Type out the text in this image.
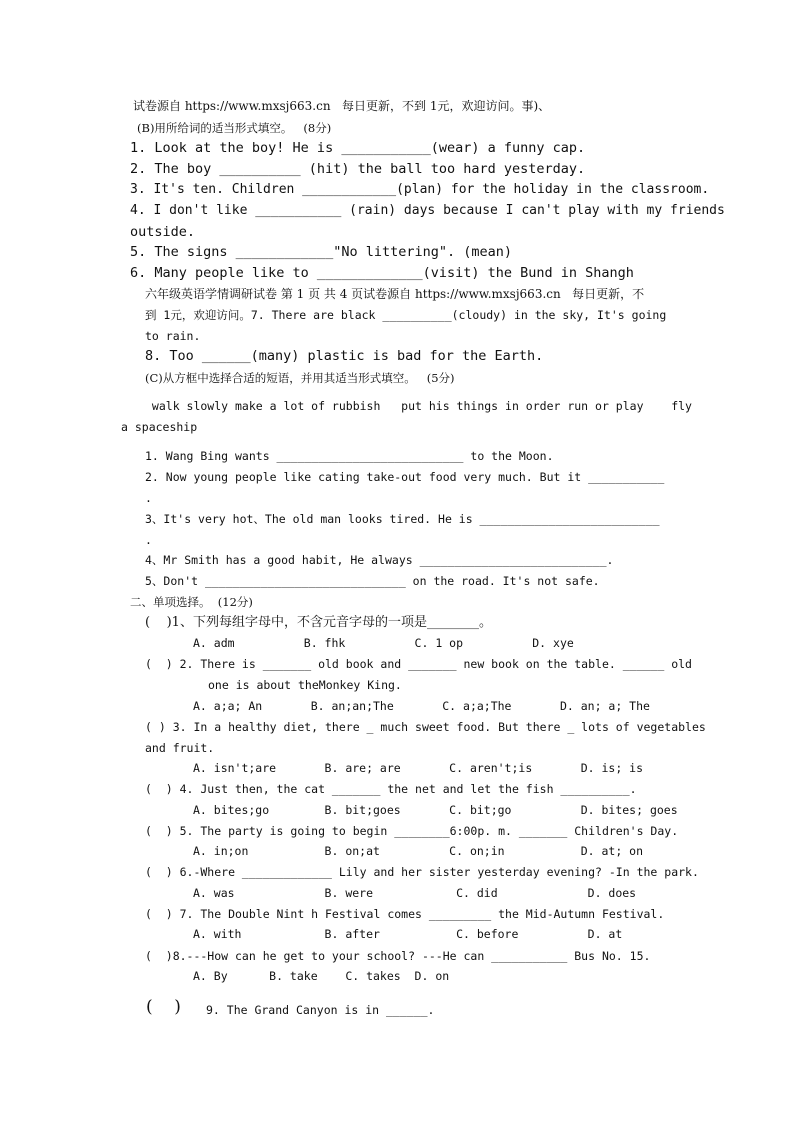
试卷源自 https://www.mxsj663.cn   每日更新，不到 1元，欢迎访问。事)、
(B)用所给词的适当形式填空。   (8分)
1. Look at the boy! He is ___________(wear) a funny cap.
2. The boy __________ (hit) the ball too hard yesterday.
3. It's ten. Children ____________(plan) for the holiday in the classroom.
4. I don't like ___________ (rain) days because I can't play with my friends
outside.
5. The signs ____________"No littering". (mean)
6. Many people like to _____________(visit) the Bund in Shangh
六年级英语学情调研试卷 第 1 页 共 4 页试卷源自 https://www.mxsj663.cn   每日更新，不
到 1元，欢迎访问。7. There are black __________(cloudy) in the sky, It's going
to rain.
8. Too ______(many) plastic is bad for the Earth.
(C)从方框中选择合适的短语，并用其适当形式填空。   (5分)
walk slowly make a lot of rubbish   put his things in order run or play    fly
a spaceship
1. Wang Bing wants ___________________________ to the Moon.
2. Now young people like cating take-out food very much. But it ___________
.
3、It's very hot、The old man looks tired. He is __________________________
.
4、Mr Smith has a good habit, He always ___________________________.
5、Don't _____________________________ on the road. It's not safe.
二、单项选择。  (12分)
(    )1、下列每组字母中，不含元音字母的一项是________。
A. adm          B. fhk          C. 1 op          D. xye
(  ) 2. There is _______ old book and _______ new book on the table. ______ old
one is about theMonkey King.
A. a;a; An       B. an;an;The       C. a;a;The       D. an; a; The
( ) 3. In a healthy diet, there _ much sweet food. But there _ lots of vegetables
and fruit.
A. isn't;are       B. are; are       C. aren't;is       D. is; is
(  ) 4. Just then, the cat _______ the net and let the fish __________.
A. bites;go        B. bit;goes       C. bit;go          D. bites; goes
(  ) 5. The party is going to begin ________6:00p. m. _______ Children's Day.
A. in;on           B. on;at          C. on;in           D. at; on
(  ) 6.-Where _____________ Lily and her sister yesterday evening? -In the park.
A. was             B. were            C. did             D. does
(  ) 7. The Double Nint h Festival comes _________ the Mid-Autumn Festival.
A. with            B. after           C. before          D. at
(  )8.---How can he get to your school? ---He can ___________ Bus No. 15.
A. By      B. take    C. takes  D. on
(    ) 9. The Grand Canyon is in ______.
